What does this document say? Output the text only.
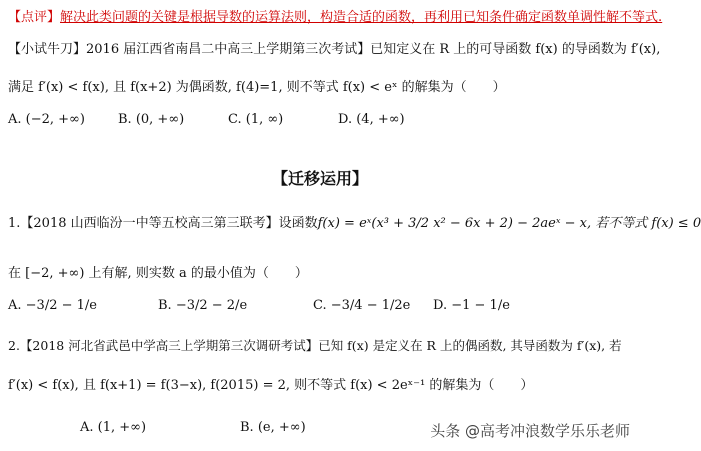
【点评】解决此类问题的关键是根据导数的运算法则，构造合适的函数，再利用已知条件确定函数单调性解不等式.
【小试牛刀】2016 届江西省南昌二中高三上学期第三次考试】已知定义在 R 上的可导函数 f(x) 的导函数为 f′(x),
满足 f′(x) < f(x), 且 f(x+2) 为偶函数, f(4)=1, 则不等式 f(x) < eˣ 的解集为（　　）
A. (−2, +∞)	B. (0, +∞)	C. (1, ∞)	D. (4, +∞)
【迁移运用】
1.【2018 山西临汾一中等五校高三第三联考】设函数f(x) = eˣ(x³ + 3/2 x² − 6x + 2) − 2aeˣ − x, 若不等式 f(x) ≤ 0
在 [−2, +∞) 上有解, 则实数 a 的最小值为（　　）
A. −3/2 − 1/e	B. −3/2 − 2/e	C. −3/4 − 1/2e D. −1 − 1/e
2.【2018 河北省武邑中学高三上学期第三次调研考试】已知 f(x) 是定义在 R 上的偶函数, 其导函数为 f′(x), 若
f′(x) < f(x), 且 f(x+1) = f(3−x), f(2015) = 2, 则不等式 f(x) < 2eˣ⁻¹ 的解集为（　　）
A. (1, +∞)	B. (e, +∞)	头条 @高考冲浪数学乐乐老师
